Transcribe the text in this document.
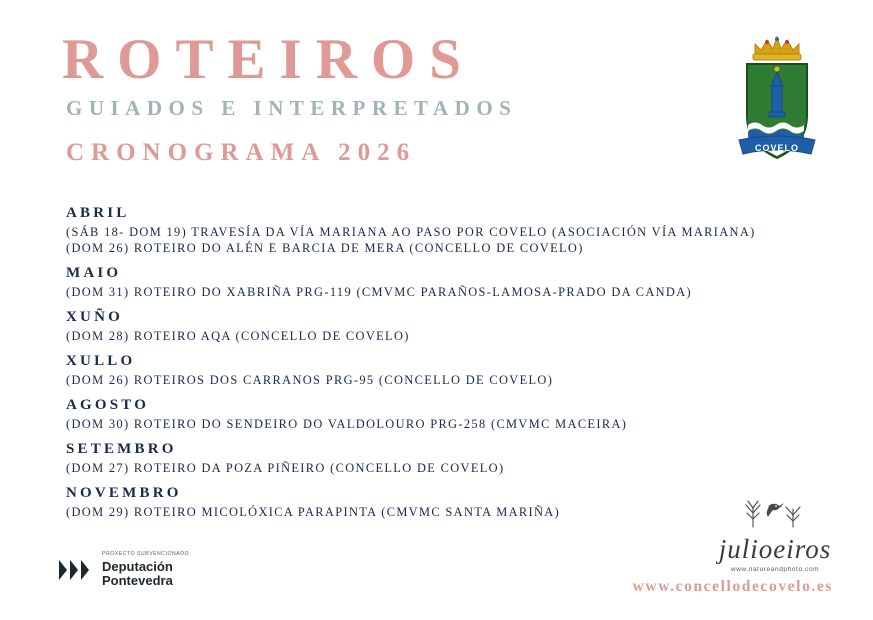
ROTEIROS
GUIADOS E INTERPRETADOS
CRONOGRAMA 2026	COVELO
ABRIL

(SÁB 18- DOM 19) TRAVESÍA DA VÍA MARIANA AO PASO POR COVELO (ASOCIACIÓN VÍA MARIANA)

(DOM 26) ROTEIRO DO ALÉN E BARCIA DE MERA (CONCELLO DE COVELO)

MAIO

(DOM 31) ROTEIRO DO XABRIÑA PRG-119 (CMVMC PARAÑOS-LAMOSA-PRADO DA CANDA)

XUÑO

(DOM 28) ROTEIRO AQA (CONCELLO DE COVELO)

XULLO

(DOM 26) ROTEIROS DOS CARRANOS PRG-95 (CONCELLO DE COVELO)

AGOSTO

(DOM 30) ROTEIRO DO SENDEIRO DO VALDOLOURO PRG-258 (CMVMC MACEIRA)

SETEMBRO

(DOM 27) ROTEIRO DA POZA PIÑEIRO (CONCELLO DE COVELO)

NOVEMBRO

(DOM 29) ROTEIRO MICOLÓXICA PARAPINTA (CMVMC SANTA MARIÑA)

PROXECTO SUBVENCIONADO
Deputación
Pontevedra

julioeiros

www.natureandphoto.com

www.concellodecovelo.es
